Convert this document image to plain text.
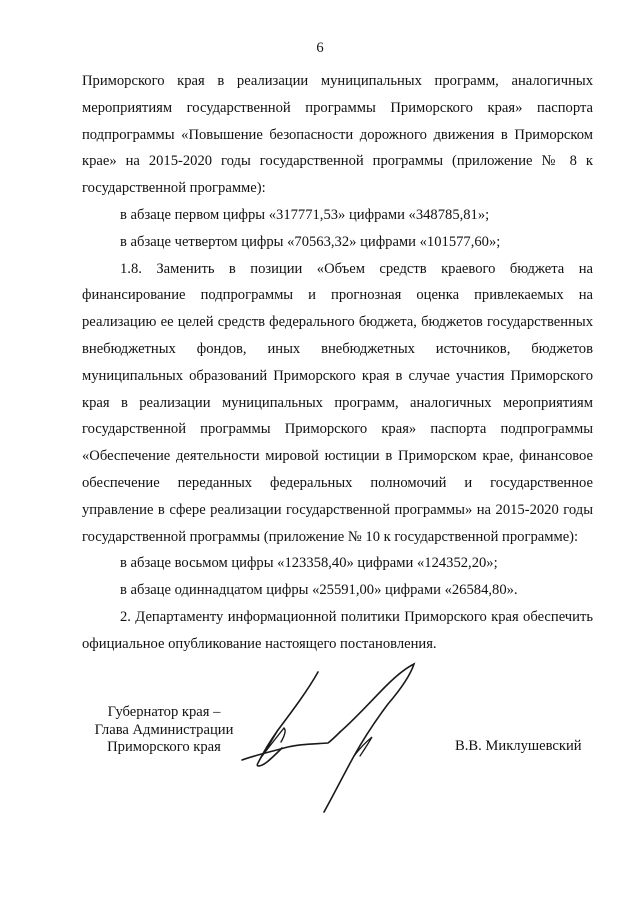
6

Приморского края в реализации муниципальных программ, аналогичных мероприятиям государственной программы Приморского края» паспорта подпрограммы «Повышение безопасности дорожного движения в Приморском крае» на 2015-2020 годы государственной программы (приложение № 8 к государственной программе):

в абзаце первом цифры «317771,53» цифрами «348785,81»;

в абзаце четвертом цифры «70563,32» цифрами «101577,60»;

1.8. Заменить в позиции «Объем средств краевого бюджета на финансирование подпрограммы и прогнозная оценка привлекаемых на реализацию ее целей средств федерального бюджета, бюджетов государственных внебюджетных фондов, иных внебюджетных источников, бюджетов муниципальных образований Приморского края в случае участия Приморского края в реализации муниципальных программ, аналогичных мероприятиям государственной программы Приморского края» паспорта подпрограммы «Обеспечение деятельности мировой юстиции в Приморском крае, финансовое обеспечение переданных федеральных полномочий и государственное управление в сфере реализации государственной программы» на 2015-2020 годы государственной программы (приложение № 10 к государственной программе):

в абзаце восьмом цифры «123358,40» цифрами «124352,20»;

в абзаце одиннадцатом цифры «25591,00» цифрами «26584,80».

2. Департаменту информационной политики Приморского края обеспечить официальное опубликование настоящего постановления.

Губернатор края –
Глава Администрации
Приморского края	В.В. Миклушевский
